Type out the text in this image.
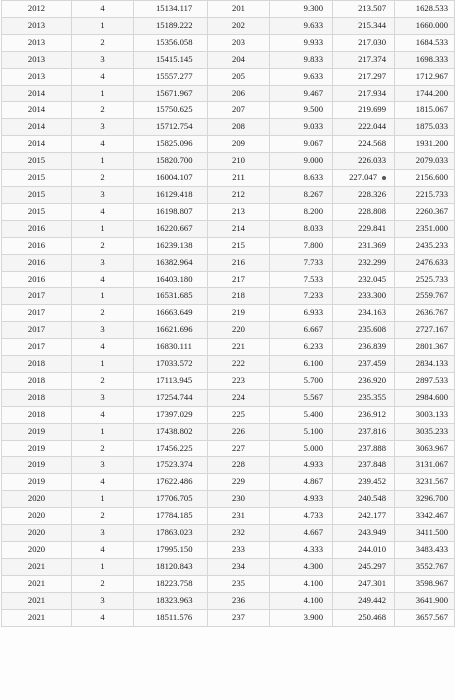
2012	4	15134.117	201	9.300	213.507	1628.533
2013	1	15189.222	202	9.633	215.344	1660.000
2013	2	15356.058	203	9.933	217.030	1684.533
2013	3	15415.145	204	9.833	217.374	1698.333
2013	4	15557.277	205	9.633	217.297	1712.967
2014	1	15671.967	206	9.467	217.934	1744.200
2014	2	15750.625	207	9.500	219.699	1815.067
2014	3	15712.754	208	9.033	222.044	1875.033
2014	4	15825.096	209	9.067	224.568	1931.200
2015	1	15820.700	210	9.000	226.033	2079.033
2015	2	16004.107	211	8.633	227.047	2156.600
2015	3	16129.418	212	8.267	228.326	2215.733
2015	4	16198.807	213	8.200	228.808	2260.367
2016	1	16220.667	214	8.033	229.841	2351.000
2016	2	16239.138	215	7.800	231.369	2435.233
2016	3	16382.964	216	7.733	232.299	2476.633
2016	4	16403.180	217	7.533	232.045	2525.733
2017	1	16531.685	218	7.233	233.300	2559.767
2017	2	16663.649	219	6.933	234.163	2636.767
2017	3	16621.696	220	6.667	235.608	2727.167
2017	4	16830.111	221	6.233	236.839	2801.367
2018	1	17033.572	222	6.100	237.459	2834.133
2018	2	17113.945	223	5.700	236.920	2897.533
2018	3	17254.744	224	5.567	235.355	2984.600
2018	4	17397.029	225	5.400	236.912	3003.133
2019	1	17438.802	226	5.100	237.816	3035.233
2019	2	17456.225	227	5.000	237.888	3063.967
2019	3	17523.374	228	4.933	237.848	3131.067
2019	4	17622.486	229	4.867	239.452	3231.567
2020	1	17706.705	230	4.933	240.548	3296.700
2020	2	17784.185	231	4.733	242.177	3342.467
2020	3	17863.023	232	4.667	243.949	3411.500
2020	4	17995.150	233	4.333	244.010	3483.433
2021	1	18120.843	234	4.300	245.297	3552.767
2021	2	18223.758	235	4.100	247.301	3598.967
2021	3	18323.963	236	4.100	249.442	3641.900
2021	4	18511.576	237	3.900	250.468	3657.567
